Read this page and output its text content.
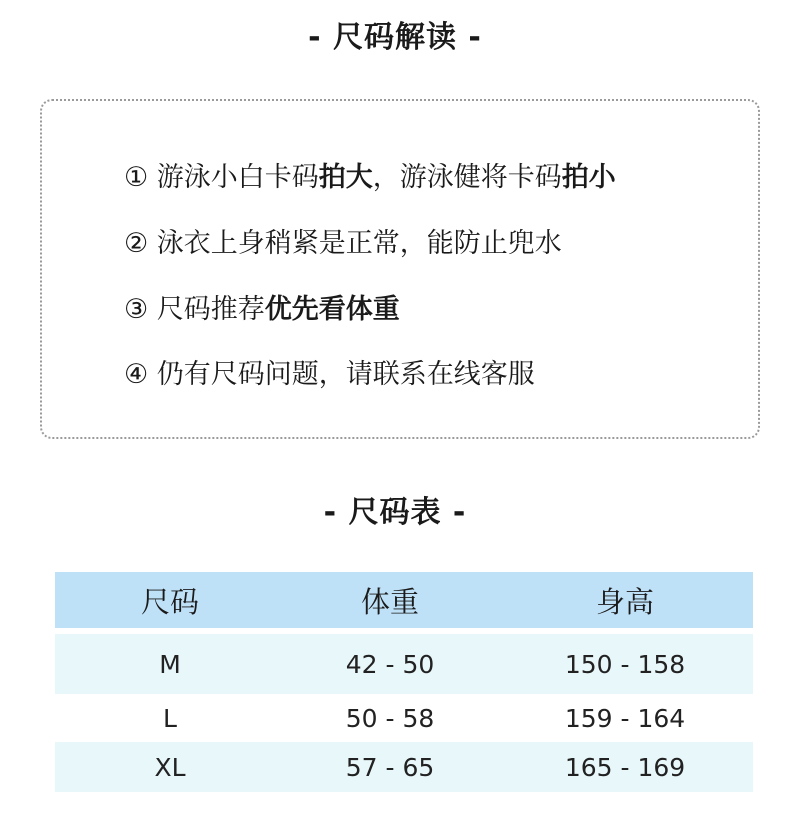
- 尺码解读 -
① 游泳小白卡码拍大，游泳健将卡码拍小
② 泳衣上身稍紧是正常，能防止兜水
③ 尺码推荐优先看体重
④ 仍有尺码问题，请联系在线客服
- 尺码表 -
尺码	体重	身高
M	42 - 50	150 - 158
L	50 - 58	159 - 164
XL	57 - 65	165 - 169
